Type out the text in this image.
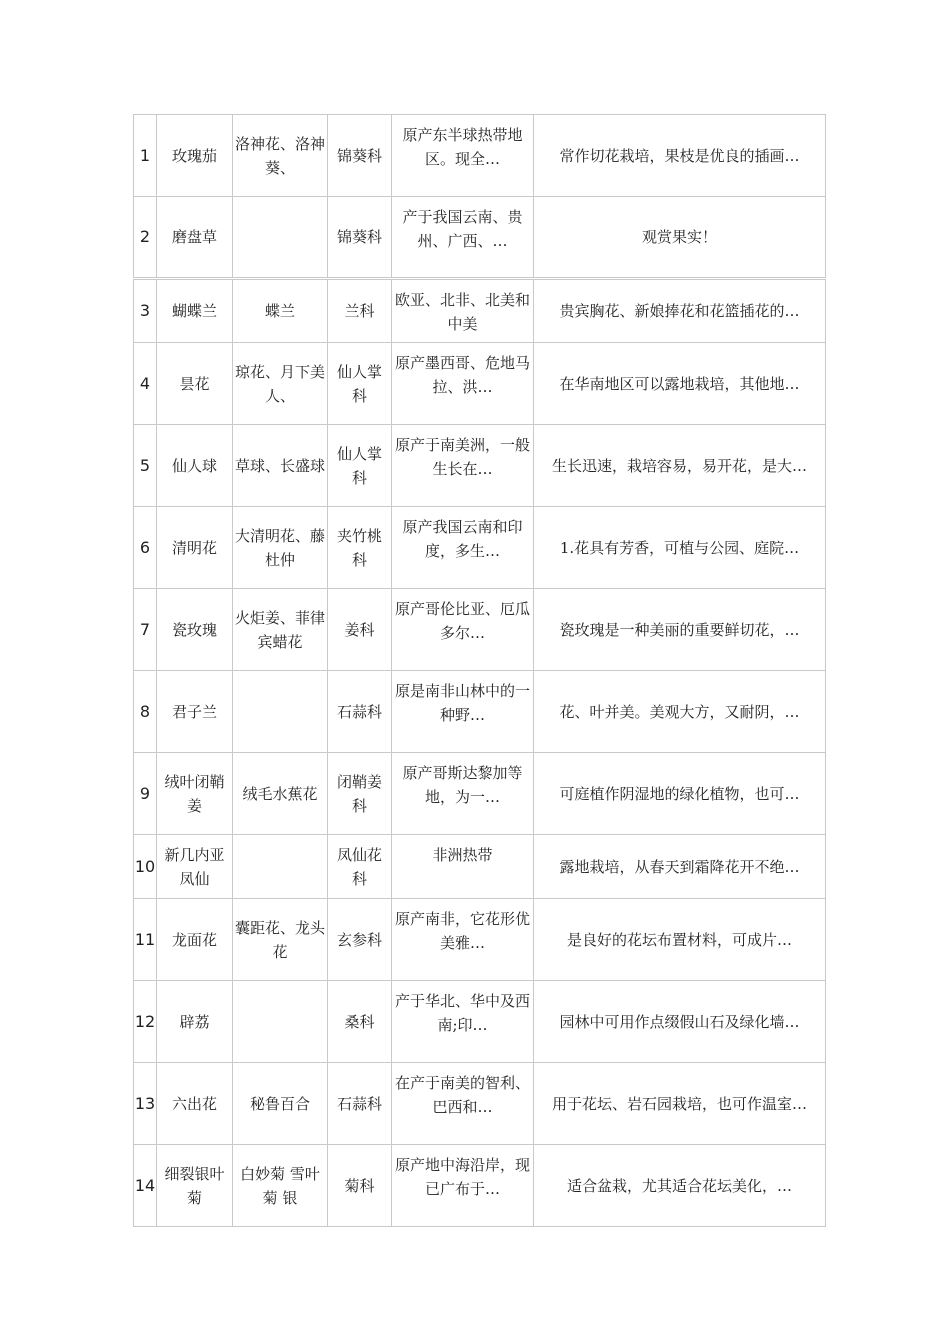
1	玫瑰茄	洛神花、洛神葵、	锦葵科	原产东半球热带地区。现全…	常作切花栽培，果枝是优良的插画…
2	磨盘草		锦葵科	产于我国云南、贵州、广西、…	观赏果实！
3	蝴蝶兰	蝶兰	兰科	欧亚、北非、北美和中美	贵宾胸花、新娘捧花和花篮插花的…
4	昙花	琼花、月下美人、	仙人掌科	原产墨西哥、危地马拉、洪…	在华南地区可以露地栽培，其他地…
5	仙人球	草球、长盛球	仙人掌科	原产于南美洲，一般生长在…	生长迅速，栽培容易，易开花，是大…
6	清明花	大清明花、藤杜仲	夹竹桃科	原产我国云南和印度，多生…	1.花具有芳香，可植与公园、庭院…
7	瓷玫瑰	火炬姜、菲律宾蜡花	姜科	原产哥伦比亚、厄瓜多尔…	瓷玫瑰是一种美丽的重要鲜切花，…
8	君子兰		石蒜科	原是南非山林中的一种野…	花、叶并美。美观大方，又耐阴，…
9	绒叶闭鞘姜	绒毛水蕉花	闭鞘姜科	原产哥斯达黎加等地，为一…	可庭植作阴湿地的绿化植物，也可…
10	新几内亚凤仙		凤仙花科	非洲热带	露地栽培，从春天到霜降花开不绝…
11	龙面花	囊距花、龙头花	玄参科	原产南非，它花形优美雅…	是良好的花坛布置材料，可成片…
12	辟荔		桑科	产于华北、华中及西南;印…	园林中可用作点缀假山石及绿化墙…
13	六出花	秘鲁百合	石蒜科	在产于南美的智利、巴西和…	用于花坛、岩石园栽培，也可作温室…
14	细裂银叶菊	白妙菊 雪叶菊 银	菊科	原产地中海沿岸，现已广布于…	适合盆栽，尤其适合花坛美化，…
